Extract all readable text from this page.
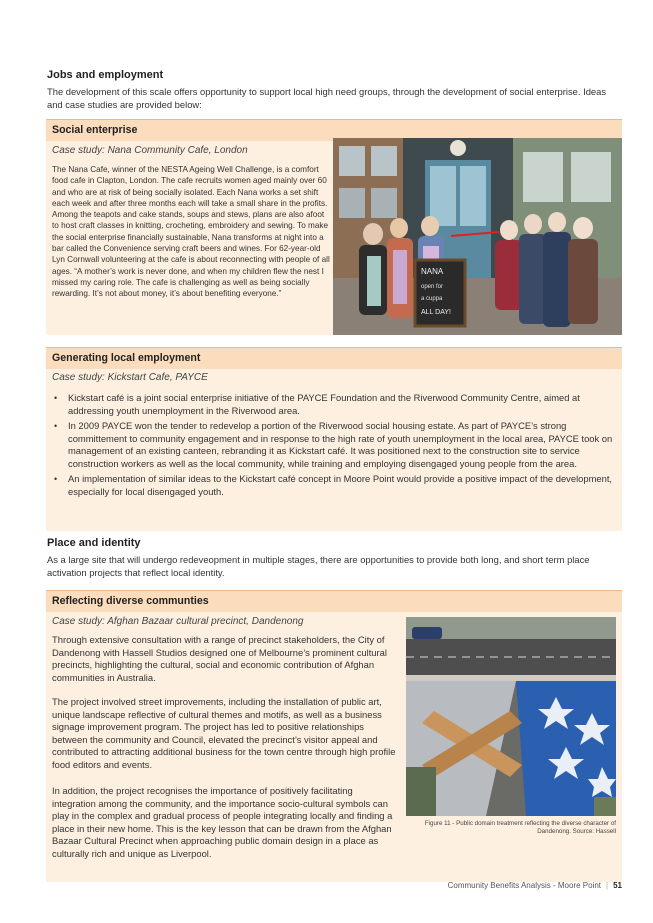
Jobs and employment
The development of this scale offers opportunity to support local high need groups, through the development of social enterprise. Ideas and case studies are provided below:
Social enterprise
Case study: Nana Community Cafe, London
The Nana Cafe, winner of the NESTA Ageing Well Challenge, is a comfort food cafe in Clapton, London. The cafe recruits women aged mainly over 60 and who are at risk of being socially isolated. Each Nana works a set shift each week and after three months each will take a small share in the profits. Among the teapots and cake stands, soups and stews, plans are also afoot to host craft classes in knitting, crocheting, embroidery and sewing. To make the social enterprise financially sustainable, Nana transforms at night into a bar called the Convenience serving craft beers and wines. For 62-year-old Lyn Cornwall volunteering at the cafe is about reconnecting with people of all ages. “A mother’s work is never done, and when my children flew the nest I missed my caring role. The cafe is challenging as well as being socially rewarding. It’s not about money, it’s about benefiting everyone.”
NANA
open for
a cuppa
ALL DAY!
Generating local employment
Case study: Kickstart Cafe, PAYCE
• Kickstart café is a joint social enterprise initiative of the PAYCE Foundation and the Riverwood Community Centre, aimed at addressing youth unemployment in the Riverwood area.
• In 2009 PAYCE won the tender to redevelop a portion of the Riverwood social housing estate. As part of PAYCE’s strong committement to community engagement and in response to the high rate of youth unemployment in the local area, PAYCE took on management of an existing canteen, rebranding it as Kickstart café. It was positioned next to the construction site to service construction workers as well as the local community, while training and employing disengaged young people from the area.
• An implementation of similar ideas to the Kickstart café concept in Moore Point would provide a positive impact of the development, especially for local disengaged youth.
Place and identity
As a large site that will undergo redeveopment in multiple stages, there are opportunities to provide both long, and short term place activation projects that reflect local identity.
Reflecting diverse communties
Case study: Afghan Bazaar cultural precinct, Dandenong
Through extensive consultation with a range of precinct stakeholders, the City of Dandenong with Hassell Studios designed one of Melbourne’s prominent cultural precincts, highlighting the cultural, social and economic contribution of Afghan communities in Australia.
The project involved street improvements, including the installation of public art, unique landscape reflective of cultural themes and motifs, as well as a business signage improvement program. The project has led to positive relationships between the community and Council, elevated the precinct’s visitor appeal and contributed to attracting additional business for the town centre through high profile food editors and events.
In addition, the project recognises the importance of positively facilitating integration among the community, and the importance socio-cultural symbols can play in the complex and gradual process of people integrating locally and finding a place in their new home. This is the key lesson that can be drawn from the Afghan Bazaar Cultural Precinct when approaching public domain design in a place as culturally rich and unique as Liverpool.
Figure 11 - Public domain treatment reflecting the diverse character of Dandenong. Source: Hassell
Community Benefits Analysis - Moore Point | 51
